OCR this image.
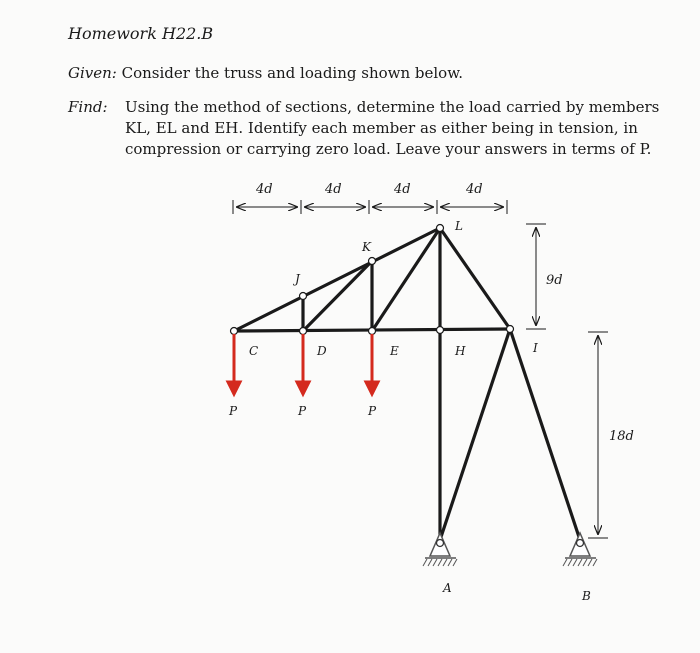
Homework H22.B
Given: Consider the truss and loading shown below.
Find: Using the method of sections, determine the load carried by members KL, EL and EH. Identify each member as either being in tension, in compression or carrying zero load. Leave your answers in terms of P.
4d	4d	4d	4d
9d
18d
L
K
J
C	D	E	H	I
A
B
P	P	P
